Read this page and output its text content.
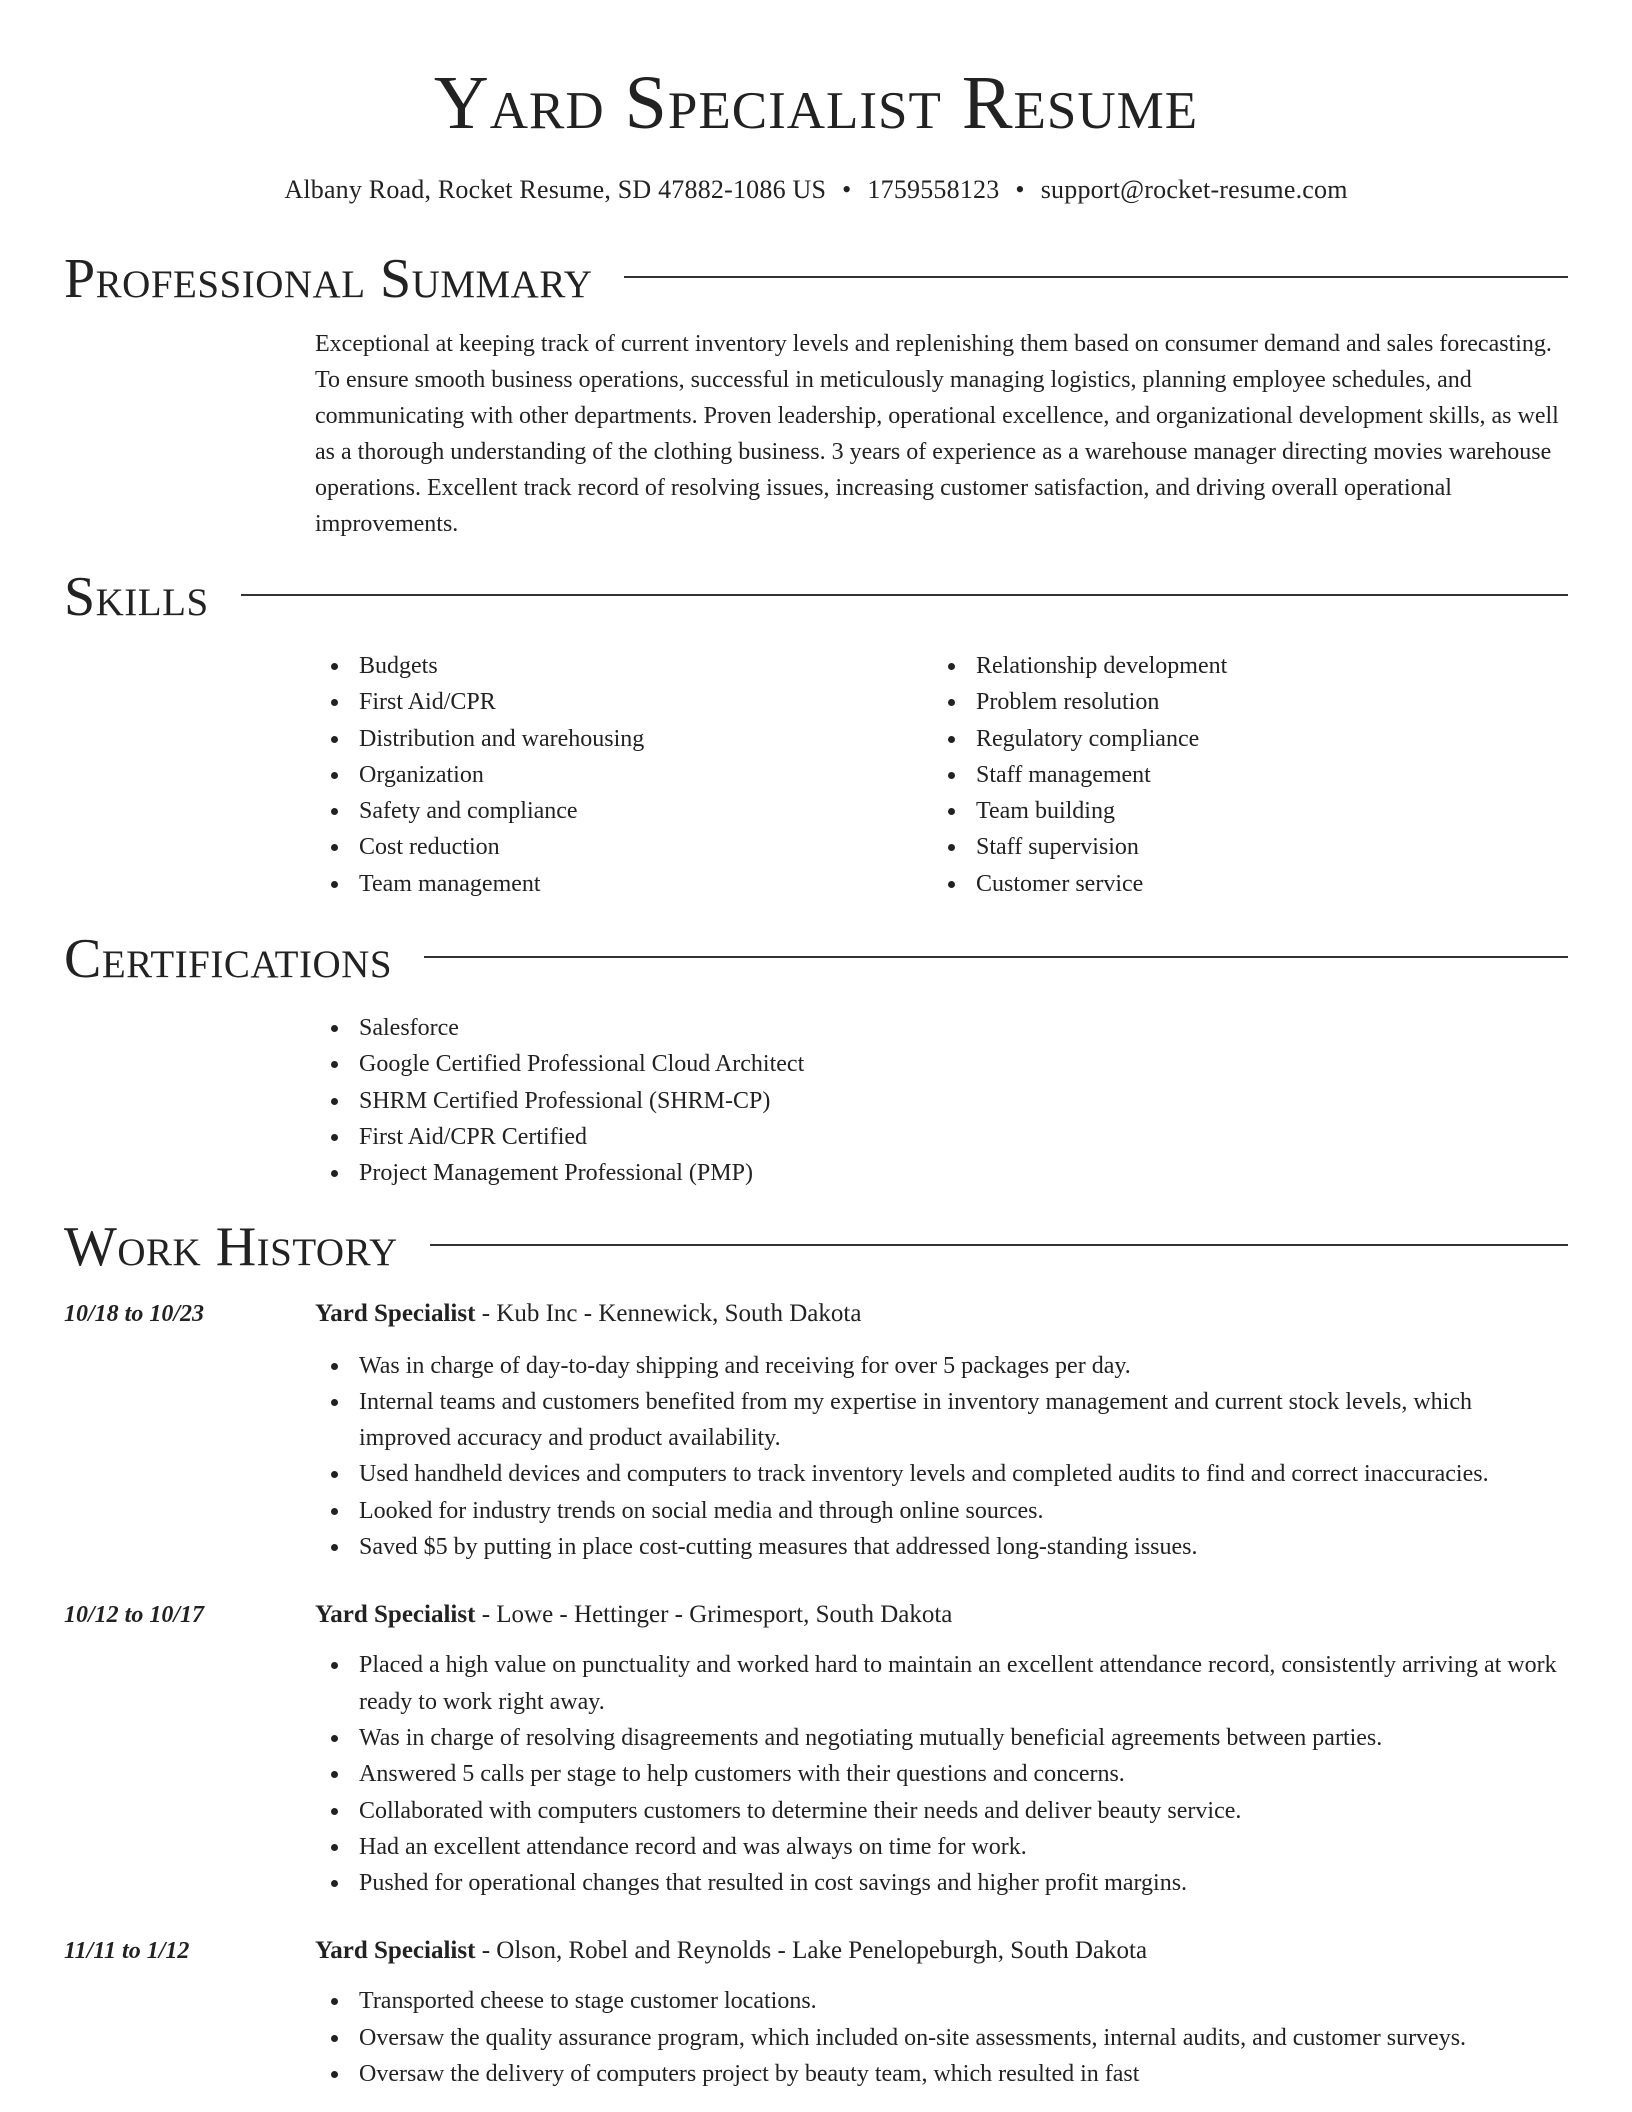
Yard Specialist Resume
Albany Road, Rocket Resume, SD 47882-1086 US • 1759558123 • support@rocket-resume.com
Professional Summary

Exceptional at keeping track of current inventory levels and replenishing them based on consumer demand and sales forecasting. To ensure smooth business operations, successful in meticulously managing logistics, planning employee schedules, and communicating with other departments. Proven leadership, operational excellence, and organizational development skills, as well as a thorough understanding of the clothing business. 3 years of experience as a warehouse manager directing movies warehouse operations. Excellent track record of resolving issues, increasing customer satisfaction, and driving overall operational improvements.

Skills
Budgets
First Aid/CPR
Distribution and warehousing
Organization
Safety and compliance
Cost reduction
Team management
Relationship development
Problem resolution
Regulatory compliance
Staff management
Team building
Staff supervision
Customer service
Certifications
Salesforce
Google Certified Professional Cloud Architect
SHRM Certified Professional (SHRM-CP)
First Aid/CPR Certified
Project Management Professional (PMP)
Work History
10/18 to 10/23	Yard Specialist - Kub Inc - Kennewick, South Dakota
Was in charge of day-to-day shipping and receiving for over 5 packages per day.
Internal teams and customers benefited from my expertise in inventory management and current stock levels, which improved accuracy and product availability.
Used handheld devices and computers to track inventory levels and completed audits to find and correct inaccuracies.
Looked for industry trends on social media and through online sources.
Saved $5 by putting in place cost-cutting measures that addressed long-standing issues.
10/12 to 10/17	Yard Specialist - Lowe - Hettinger - Grimesport, South Dakota
Placed a high value on punctuality and worked hard to maintain an excellent attendance record, consistently arriving at work ready to work right away.
Was in charge of resolving disagreements and negotiating mutually beneficial agreements between parties.
Answered 5 calls per stage to help customers with their questions and concerns.
Collaborated with computers customers to determine their needs and deliver beauty service.
Had an excellent attendance record and was always on time for work.
Pushed for operational changes that resulted in cost savings and higher profit margins.
11/11 to 1/12	Yard Specialist - Olson, Robel and Reynolds - Lake Penelopeburgh, South Dakota
Transported cheese to stage customer locations.
Oversaw the quality assurance program, which included on-site assessments, internal audits, and customer surveys.
Oversaw the delivery of computers project by beauty team, which resulted in fast
